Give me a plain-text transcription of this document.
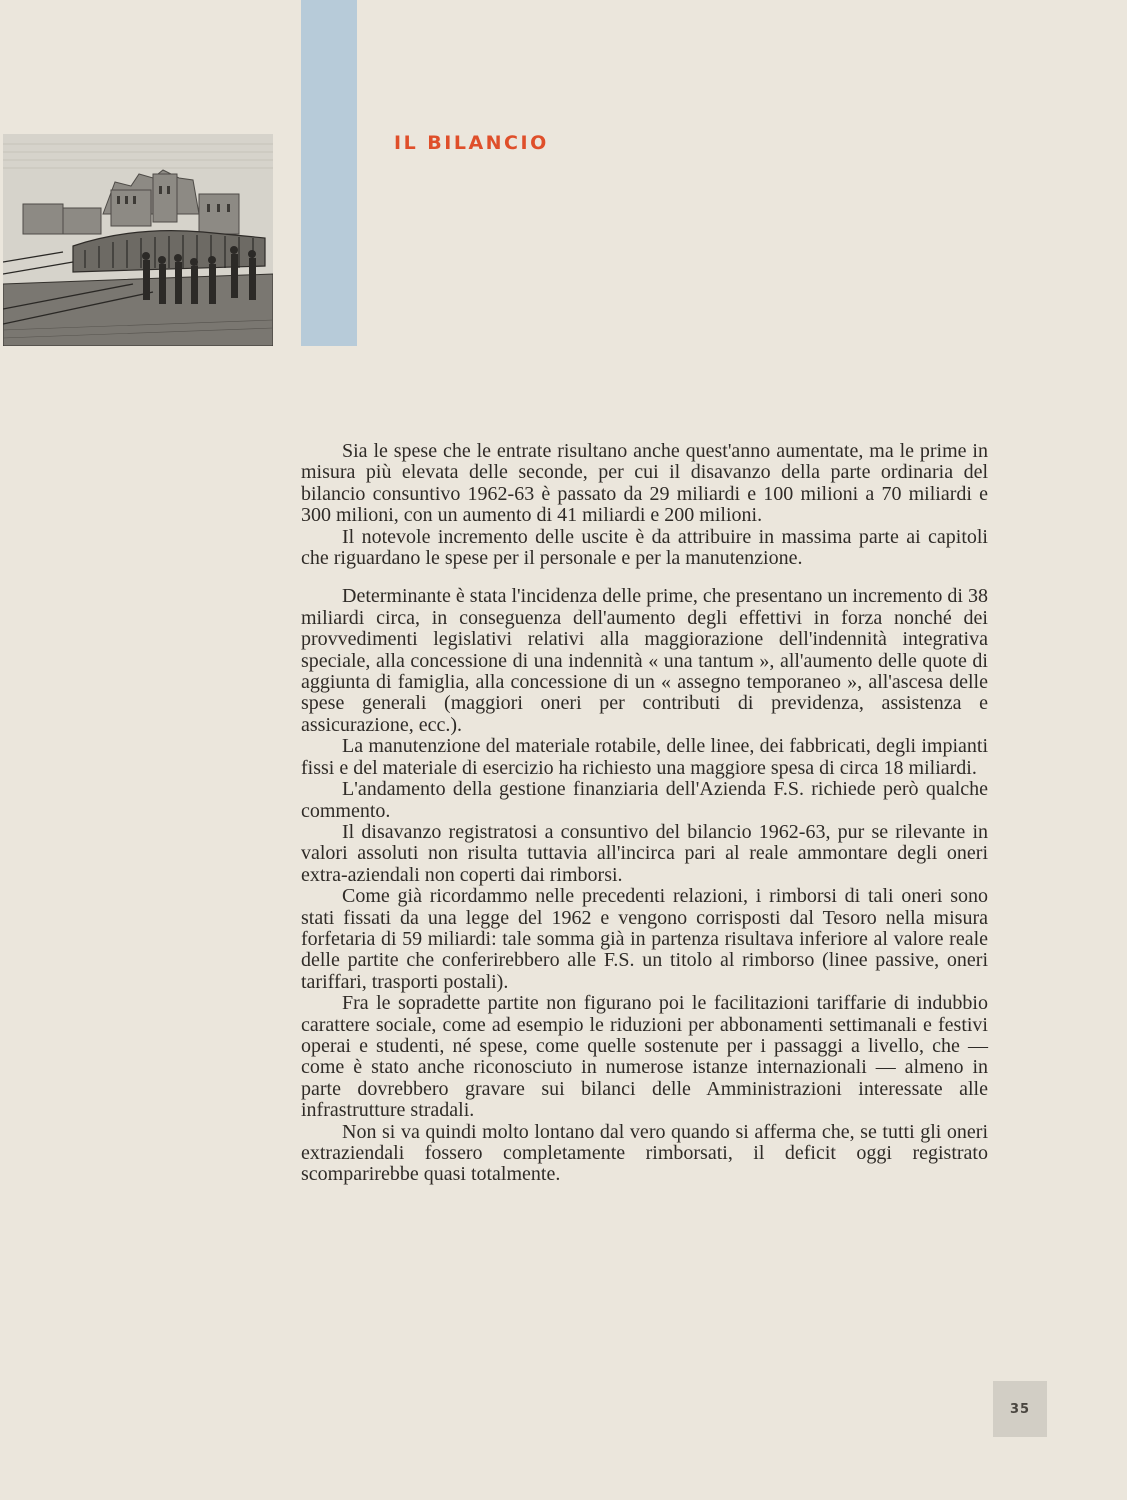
IL BILANCIO

Sia le spese che le entrate risultano anche quest'anno aumentate, ma le prime in misura più elevata delle seconde, per cui il disavanzo della parte ordinaria del bilancio consuntivo 1962-63 è passato da 29 miliardi e 100 milioni a 70 miliardi e 300 milioni, con un aumento di 41 miliardi e 200 milioni.

Il notevole incremento delle uscite è da attribuire in massima parte ai capitoli che riguardano le spese per il personale e per la manutenzione.

Determinante è stata l'incidenza delle prime, che presentano un incremento di 38 miliardi circa, in conseguenza dell'aumento degli effettivi in forza nonché dei provvedimenti legislativi relativi alla maggiorazione dell'indennità integrativa speciale, alla concessione di una indennità « una tantum », all'aumento delle quote di aggiunta di famiglia, alla concessione di un « assegno temporaneo », all'ascesa delle spese generali (maggiori oneri per contributi di previdenza, assistenza e assicurazione, ecc.).

La manutenzione del materiale rotabile, delle linee, dei fabbricati, degli impianti fissi e del materiale di esercizio ha richiesto una maggiore spesa di circa 18 miliardi.

L'andamento della gestione finanziaria dell'Azienda F.S. richiede però qualche commento.

Il disavanzo registratosi a consuntivo del bilancio 1962-63, pur se rilevante in valori assoluti non risulta tuttavia all'incirca pari al reale ammontare degli oneri extra-aziendali non coperti dai rimborsi.

Come già ricordammo nelle precedenti relazioni, i rimborsi di tali oneri sono stati fissati da una legge del 1962 e vengono corrisposti dal Tesoro nella misura forfetaria di 59 miliardi: tale somma già in partenza risultava inferiore al valore reale delle partite che conferirebbero alle F.S. un titolo al rimborso (linee passive, oneri tariffari, trasporti postali).

Fra le sopradette partite non figurano poi le facilitazioni tariffarie di indubbio carattere sociale, come ad esempio le riduzioni per abbonamenti settimanali e festivi operai e studenti, né spese, come quelle sostenute per i passaggi a livello, che — come è stato anche riconosciuto in numerose istanze internazionali — almeno in parte dovrebbero gravare sui bilanci delle Amministrazioni interessate alle infrastrutture stradali.

Non si va quindi molto lontano dal vero quando si afferma che, se tutti gli oneri extraziendali fossero completamente rimborsati, il deficit oggi registrato scomparirebbe quasi totalmente.

35
